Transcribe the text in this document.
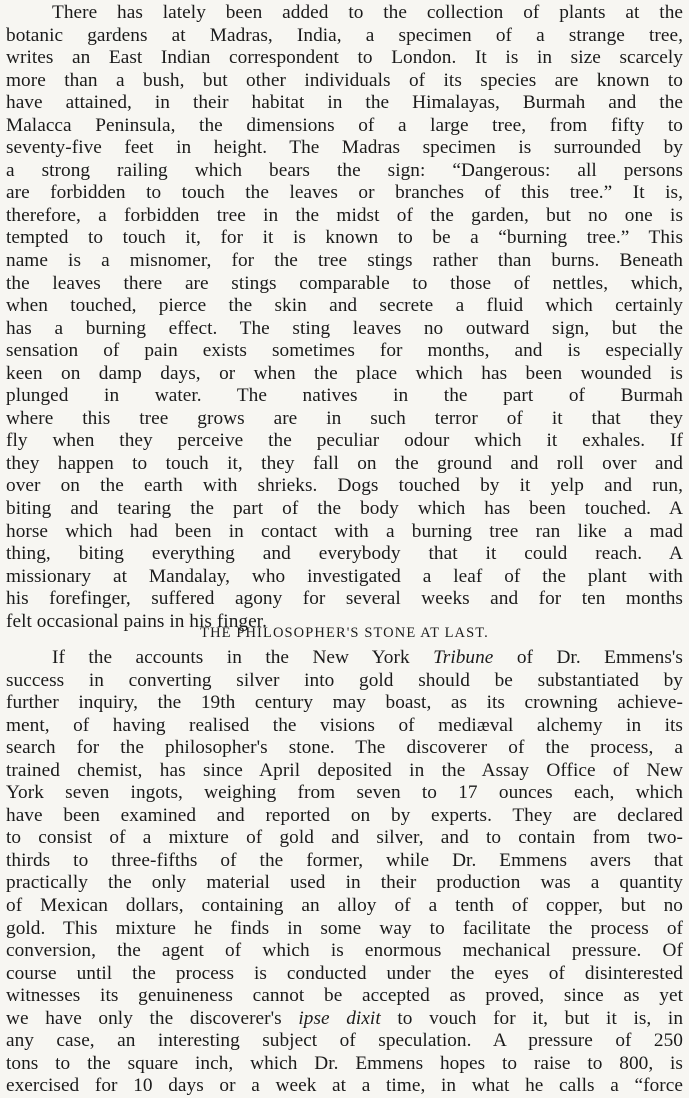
There has lately been added to the collection of plants at the
botanic gardens at Madras, India, a specimen of a strange tree,
writes an East Indian correspondent to London. It is in size scarcely
more than a bush, but other individuals of its species are known to
have attained, in their habitat in the Himalayas, Burmah and the
Malacca Peninsula, the dimensions of a large tree, from fifty to
seventy-five feet in height. The Madras specimen is surrounded by
a strong railing which bears the sign: “Dangerous: all persons
are forbidden to touch the leaves or branches of this tree.” It is,
therefore, a forbidden tree in the midst of the garden, but no one is
tempted to touch it, for it is known to be a “burning tree.” This
name is a misnomer, for the tree stings rather than burns. Beneath
the leaves there are stings comparable to those of nettles, which,
when touched, pierce the skin and secrete a fluid which certainly
has a burning effect. The sting leaves no outward sign, but the
sensation of pain exists sometimes for months, and is especially
keen on damp days, or when the place which has been wounded is
plunged in water. The natives in the part of Burmah
where this tree grows are in such terror of it that they
fly when they perceive the peculiar odour which it exhales. If
they happen to touch it, they fall on the ground and roll over and
over on the earth with shrieks. Dogs touched by it yelp and run,
biting and tearing the part of the body which has been touched. A
horse which had been in contact with a burning tree ran like a mad
thing, biting everything and everybody that it could reach. A
missionary at Mandalay, who investigated a leaf of the plant with
his forefinger, suffered agony for several weeks and for ten months
felt occasional pains in his finger.
THE PHILOSOPHER'S STONE AT LAST.
If the accounts in the New York Tribune of Dr. Emmens's
success in converting silver into gold should be substantiated by
further inquiry, the 19th century may boast, as its crowning achieve-
ment, of having realised the visions of mediæval alchemy in its
search for the philosopher's stone. The discoverer of the process, a
trained chemist, has since April deposited in the Assay Office of New
York seven ingots, weighing from seven to 17 ounces each, which
have been examined and reported on by experts. They are declared
to consist of a mixture of gold and silver, and to contain from two-
thirds to three-fifths of the former, while Dr. Emmens avers that
practically the only material used in their production was a quantity
of Mexican dollars, containing an alloy of a tenth of copper, but no
gold. This mixture he finds in some way to facilitate the process of
conversion, the agent of which is enormous mechanical pressure. Of
course until the process is conducted under the eyes of disinterested
witnesses its genuineness cannot be accepted as proved, since as yet
we have only the discoverer's ipse dixit to vouch for it, but it is, in
any case, an interesting subject of speculation. A pressure of 250
tons to the square inch, which Dr. Emmens hopes to raise to 800, is
exercised for 10 days or a week at a time, in what he calls a “force
